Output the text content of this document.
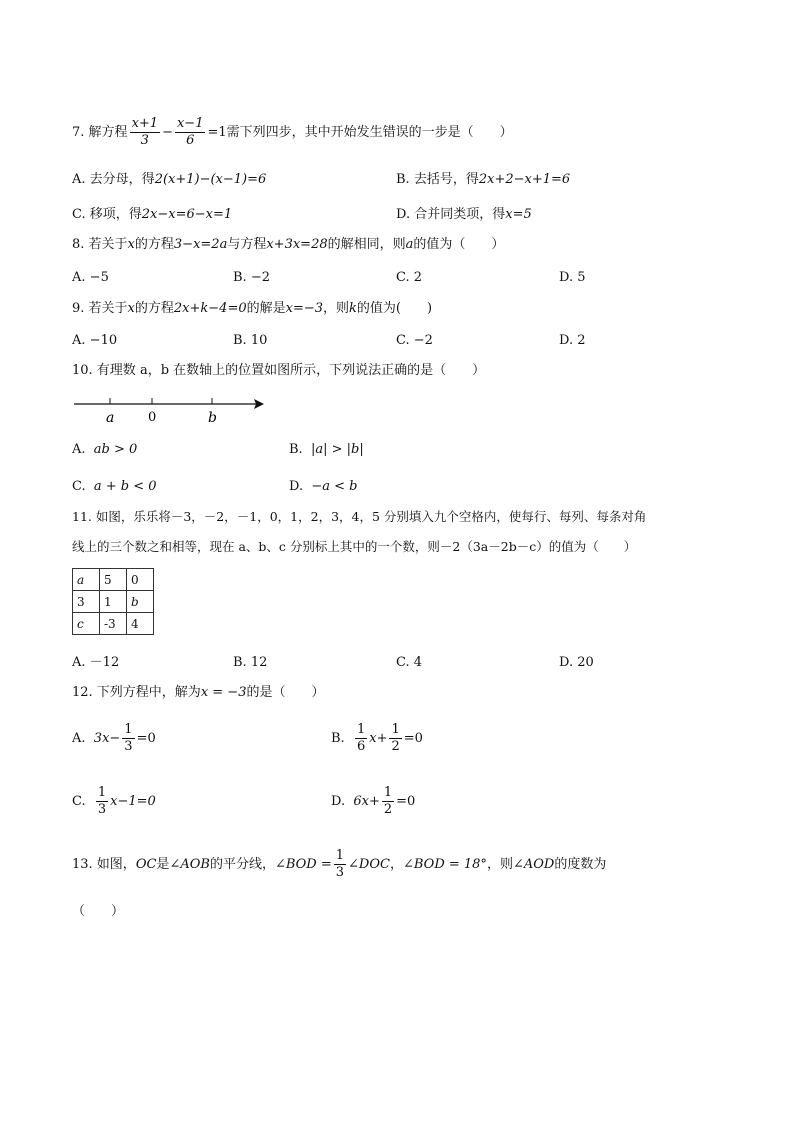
7. 解方程 $\frac{x+1}{3} - \frac{x-1}{6} =1$需下列四步，其中开始发生错误的一步是（　　）
A. 去分母，得2(x+1)−(x−1)=6	B. 去括号，得2x+2−x+1=6
C. 移项，得2x−x=6−x=1	D. 合并同类项，得x=5
8. 若关于x的方程3−x=2a与方程x+3x=28的解相同，则a的值为（　　）
A. −5	B. −2	C. 2	D. 5
9. 若关于x的方程2x+k−4=0的解是x=−3，则k的值为(　　)
A. −10	B. 10	C. −2	D. 2
10. 有理数 a，b 在数轴上的位置如图所示，下列说法正确的是（　　）
a	0	b
A. ab > 0	B. |a| > |b|
C. a + b < 0	D. −a < b
11. 如图，乐乐将－3，－2，－1，0，1，2，3，4，5 分别填入九个空格内，使每行、每列、每条对角
线上的三个数之和相等，现在 a、b、c 分别标上其中的一个数，则－2（3a－2b－c）的值为（　　）
a	5	0
3	1	b
c	-3	4
A. －12	B. 12	C. 4	D. 20
12. 下列方程中，解为x = −3的是（　　）
A. $3x- \frac{1}{3} =0$	B. $\frac{1}{6} x+ \frac{1}{2} =0$
C. $\frac{1}{3} x-1=0$	D. $6x+ \frac{1}{2} =0$
13. 如图，OC是∠AOB的平分线，∠BOD = $\frac{1}{3}$ ∠DOC，∠BOD = 18°，则∠AOD的度数为
（　　）
